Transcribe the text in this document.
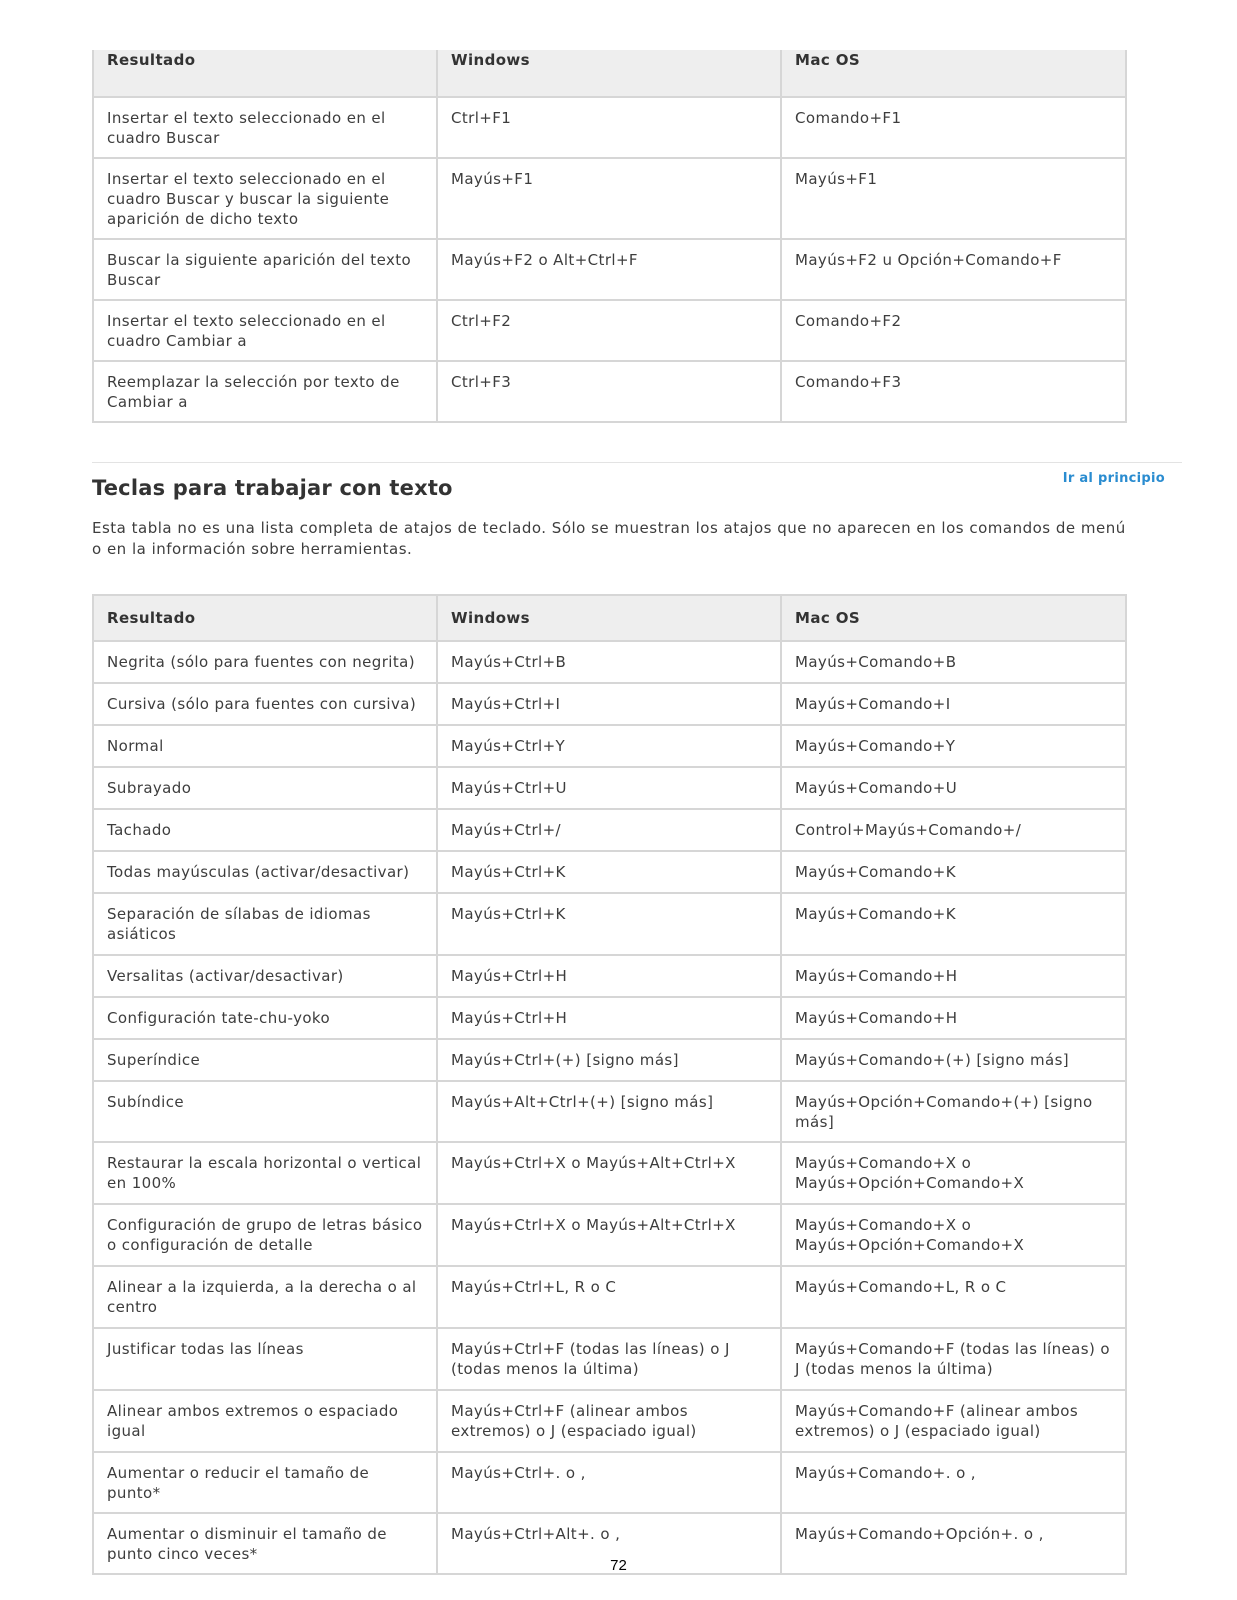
Resultado	Windows	Mac OS
Insertar el texto seleccionado en el cuadro Buscar	Ctrl+F1	Comando+F1
Insertar el texto seleccionado en el cuadro Buscar y buscar la siguiente aparición de dicho texto	Mayús+F1	Mayús+F1
Buscar la siguiente aparición del texto Buscar	Mayús+F2 o Alt+Ctrl+F	Mayús+F2 u Opción+Comando+F
Insertar el texto seleccionado en el cuadro Cambiar a	Ctrl+F2	Comando+F2
Reemplazar la selección por texto de Cambiar a	Ctrl+F3	Comando+F3
Ir al principio
Teclas para trabajar con texto

Esta tabla no es una lista completa de atajos de teclado. Sólo se muestran los atajos que no aparecen en los comandos de menú o en la información sobre herramientas.

Resultado	Windows	Mac OS
Negrita (sólo para fuentes con negrita)	Mayús+Ctrl+B	Mayús+Comando+B
Cursiva (sólo para fuentes con cursiva)	Mayús+Ctrl+I	Mayús+Comando+I
Normal	Mayús+Ctrl+Y	Mayús+Comando+Y
Subrayado	Mayús+Ctrl+U	Mayús+Comando+U
Tachado	Mayús+Ctrl+/	Control+Mayús+Comando+/
Todas mayúsculas (activar/desactivar)	Mayús+Ctrl+K	Mayús+Comando+K
Separación de sílabas de idiomas asiáticos	Mayús+Ctrl+K	Mayús+Comando+K
Versalitas (activar/desactivar)	Mayús+Ctrl+H	Mayús+Comando+H
Configuración tate-chu-yoko	Mayús+Ctrl+H	Mayús+Comando+H
Superíndice	Mayús+Ctrl+(+) [signo más]	Mayús+Comando+(+) [signo más]
Subíndice	Mayús+Alt+Ctrl+(+) [signo más]	Mayús+Opción+Comando+(+) [signo más]
Restaurar la escala horizontal o vertical en 100%	Mayús+Ctrl+X o Mayús+Alt+Ctrl+X	Mayús+Comando+X o Mayús+Opción+Comando+X
Configuración de grupo de letras básico o configuración de detalle	Mayús+Ctrl+X o Mayús+Alt+Ctrl+X	Mayús+Comando+X o Mayús+Opción+Comando+X
Alinear a la izquierda, a la derecha o al centro	Mayús+Ctrl+L, R o C	Mayús+Comando+L, R o C
Justificar todas las líneas	Mayús+Ctrl+F (todas las líneas) o J (todas menos la última)	Mayús+Comando+F (todas las líneas) o J (todas menos la última)
Alinear ambos extremos o espaciado igual	Mayús+Ctrl+F (alinear ambos extremos) o J (espaciado igual)	Mayús+Comando+F (alinear ambos extremos) o J (espaciado igual)
Aumentar o reducir el tamaño de punto*	Mayús+Ctrl+. o ,	Mayús+Comando+. o ,
Aumentar o disminuir el tamaño de punto cinco veces*	Mayús+Ctrl+Alt+. o ,	Mayús+Comando+Opción+. o ,
72
